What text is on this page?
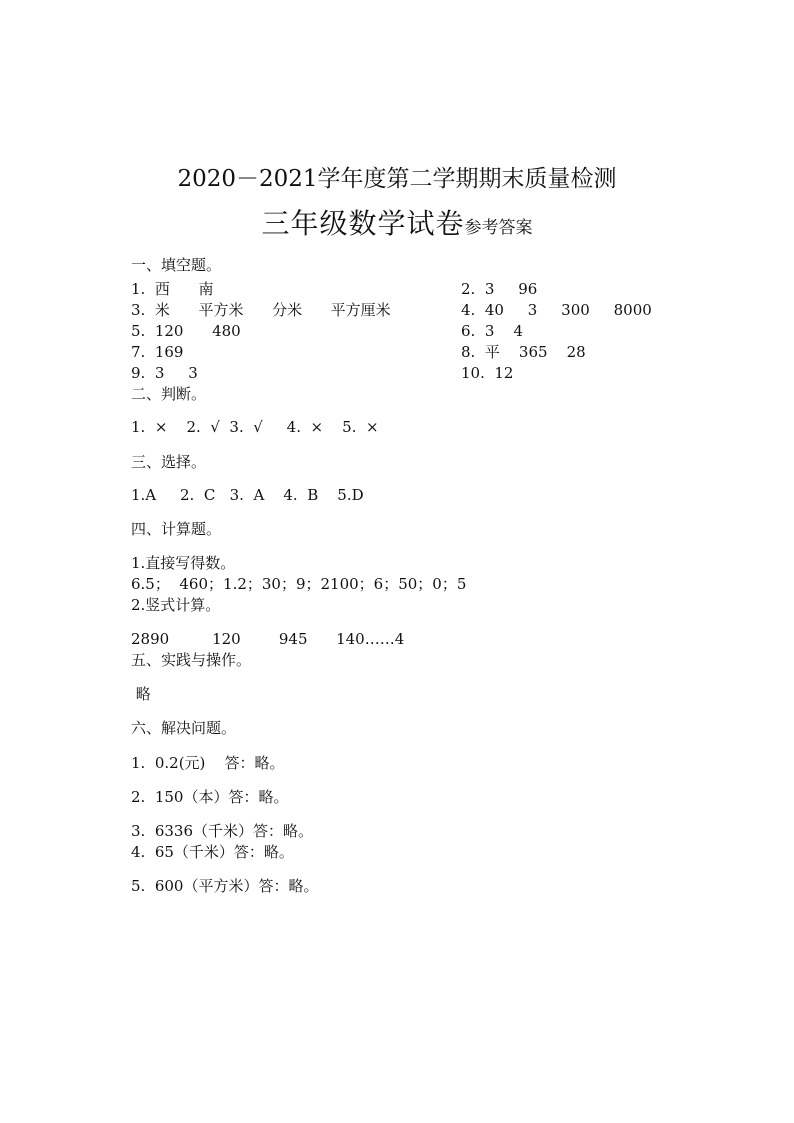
2020－2021学年度第二学期期末质量检测
三年级数学试卷参考答案
一、填空题。
1.  西      南	2.  3     96
3.  米      平方米      分米      平方厘米	4.  40     3     300     8000
5.  120      480	6.  3    4
7.  169	8.  平    365    28
9.  3     3	10.  12
二、判断。
1.  ×    2.  √  3.  √     4.  ×    5.  ×
三、选择。
1.A     2.  C   3.  A    4.  B    5.D
四、计算题。
1.直接写得数。
6.5；  460；1.2；30；9；2100；6；50；0；5
2.竖式计算。
2890         120        945      140……4
五、实践与操作。
略
六、解决问题。
1.  0.2(元)    答：略。
2.  150（本）答：略。
3.  6336（千米）答：略。
4.  65（千米）答：略。
5.  600（平方米）答：略。
